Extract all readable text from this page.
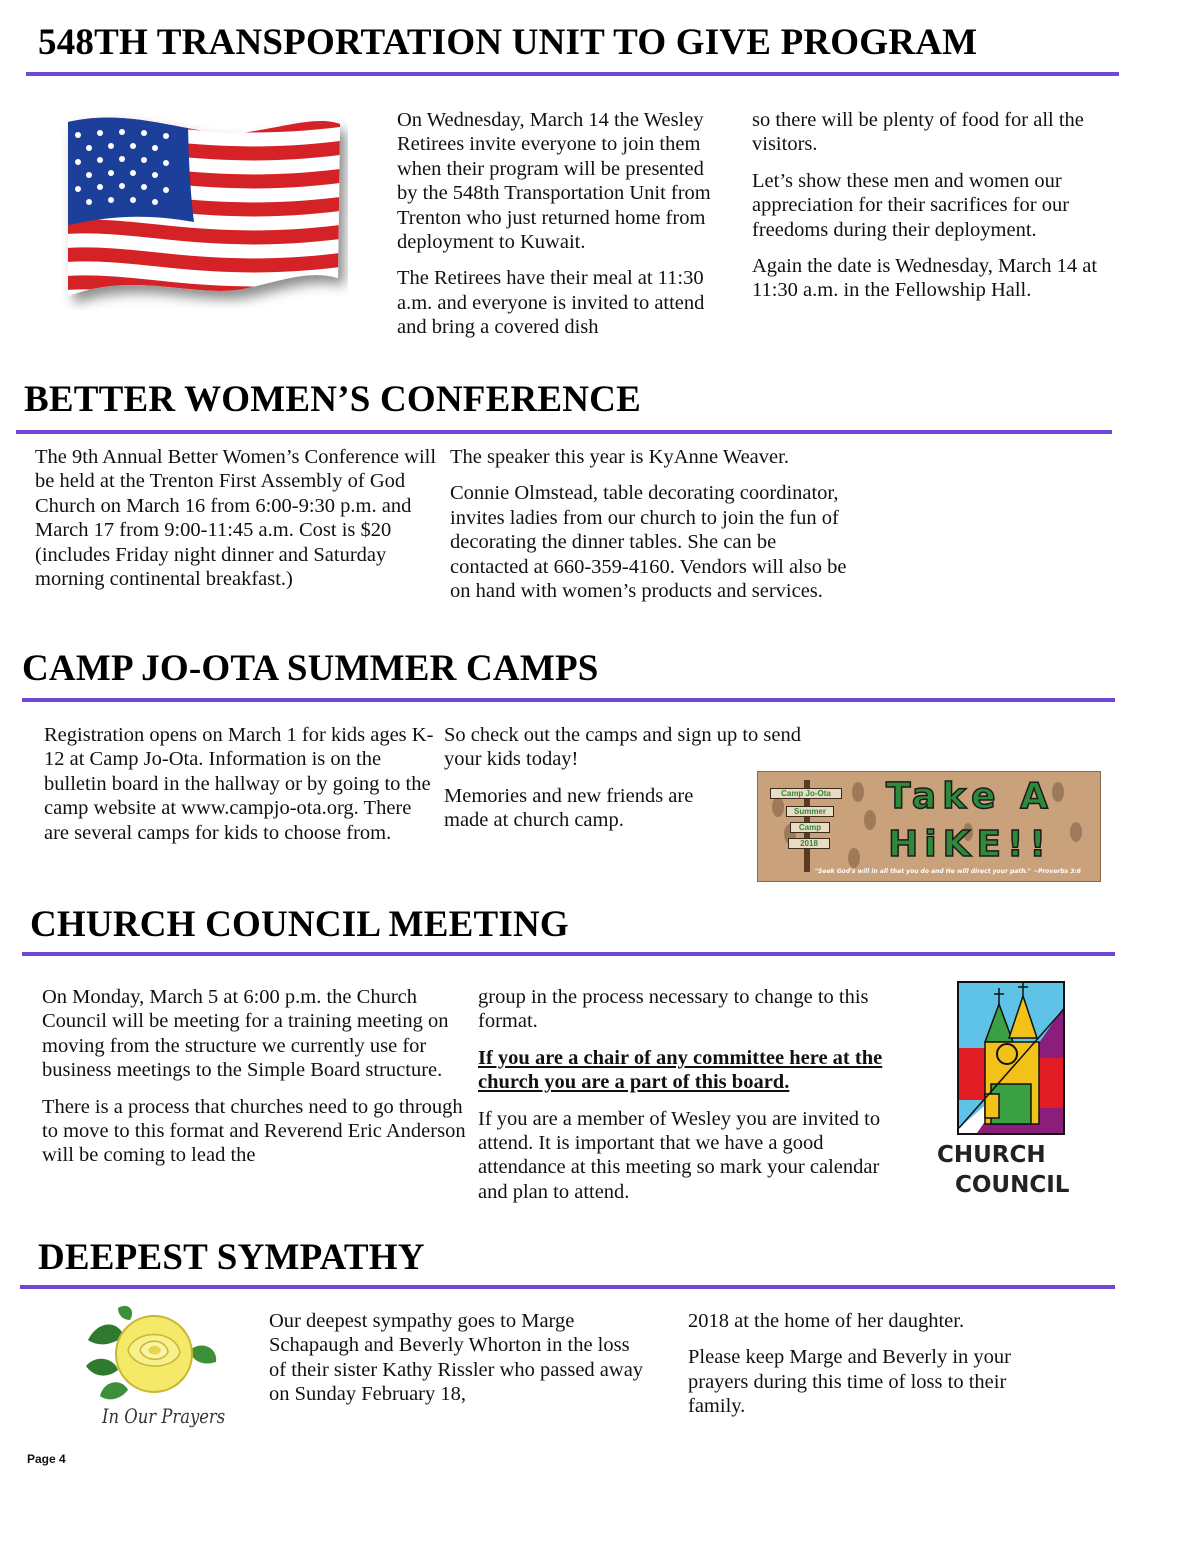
548TH TRANSPORTATION UNIT TO GIVE PROGRAM

On Wednesday, March 14 the Wesley Retirees invite everyone to join them when their program will be presented by the 548th Transportation Unit from Trenton who just returned home from deployment to Kuwait.

The Retirees have their meal at 11:30 a.m. and everyone is invited to attend and bring a covered dish

so there will be plenty of food for all the visitors.

Let’s show these men and women our appreciation for their sacrifices for our freedoms during their deployment.

Again the date is Wednesday, March 14 at 11:30 a.m. in the Fellowship Hall.

BETTER WOMEN’S CONFERENCE

The 9th Annual Better Women’s Conference will be held at the Trenton First Assembly of God Church on March 16 from 6:00-9:30 p.m. and March 17 from 9:00-11:45 a.m. Cost is $20 (includes Friday night dinner and Saturday morning continental breakfast.)

The speaker this year is KyAnne Weaver.

Connie Olmstead, table decorating coordinator, invites ladies from our church to join the fun of decorating the dinner tables. She can be contacted at 660-359-4160. Vendors will also be on hand with women’s products and services.

CAMP JO-OTA SUMMER CAMPS

Registration opens on March 1 for kids ages K-12 at Camp Jo-Ota. Information is on the bulletin board in the hallway or by going to the camp website at www.campjo-ota.org. There are several camps for kids to choose from.

So check out the camps and sign up to send your kids today!

Memories and new friends are made at church camp.

Camp Jo-Ota
Summer
Camp
2018
Take A
HiKE!!
"Seek God's will in all that you do and He will direct your path." ~Proverbs 3:6
CHURCH COUNCIL MEETING

On Monday, March 5 at 6:00 p.m. the Church Council will be meeting for a training meeting on moving from the structure we currently use for business meetings to the Simple Board structure.

There is a process that churches need to go through to move to this format and Reverend Eric Anderson will be coming to lead the

group in the process necessary to change to this format.

If you are a chair of any committee here at the church you are a part of this board.

If you are a member of Wesley you are invited to attend. It is important that we have a good attendance at this meeting so mark your calendar and plan to attend.

CHURCH
COUNCIL
DEEPEST SYMPATHY
In Our Prayers

Our deepest sympathy goes to Marge Schapaugh and Beverly Whorton in the loss of their sister Kathy Rissler who passed away on Sunday February 18,

2018 at the home of her daughter.

Please keep Marge and Beverly in your prayers during this time of loss to their family.

Page 4
